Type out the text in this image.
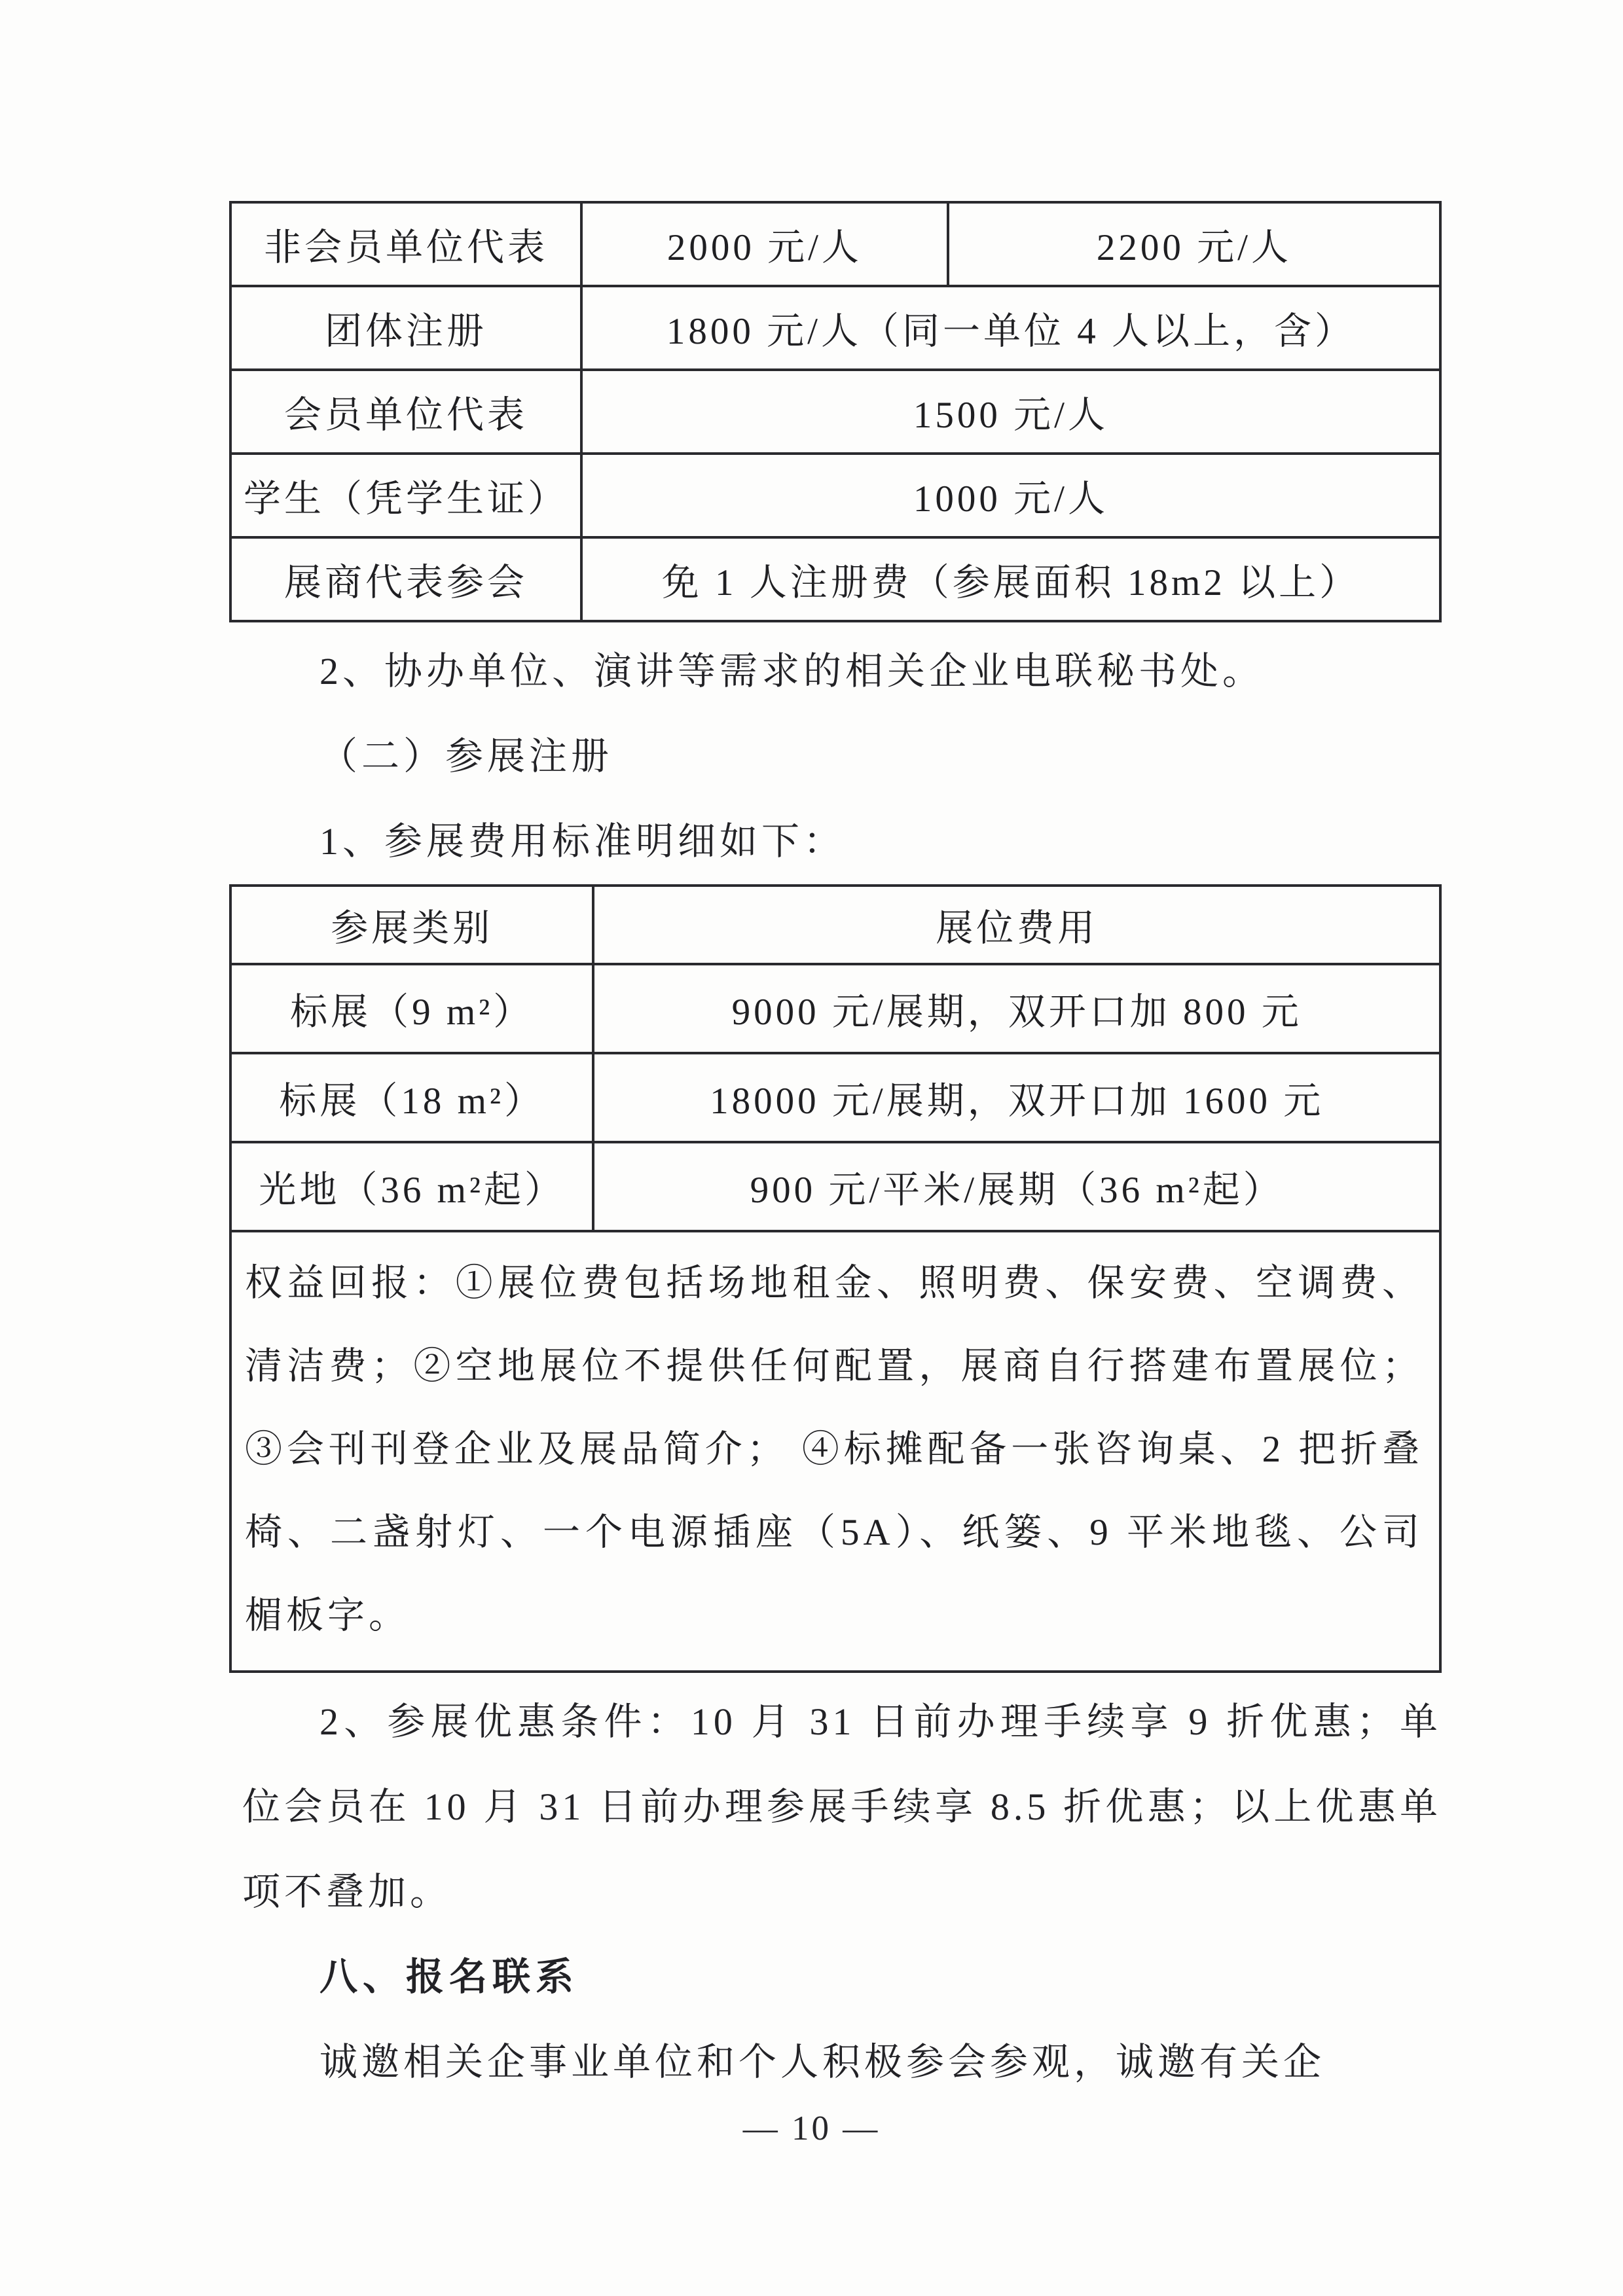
非会员单位代表	2000 元/人	2200 元/人
团体注册	1800 元/人（同一单位 4 人以上，含）	
会员单位代表	1500 元/人	
学生（凭学生证）	1000 元/人	
展商代表参会	免 1 人注册费（参展面积 18m2 以上）	

2、协办单位、演讲等需求的相关企业电联秘书处。

（二）参展注册

1、参展费用标准明细如下：

参展类别	展位费用
标展（9 m²）	9000 元/展期，双开口加 800 元
标展（18 m²）	18000 元/展期，双开口加 1600 元
光地（36 m²起）	900 元/平米/展期（36 m²起）
权益回报：①展位费包括场地租金、照明费、保安费、空调费、清洁费；②空地展位不提供任何配置，展商自行搭建布置展位；③会刊刊登企业及展品简介； ④标摊配备一张咨询桌、2 把折叠椅、二盏射灯、一个电源插座（5A）、纸篓、9 平米地毯、公司楣板字。	

2、参展优惠条件：10 月 31 日前办理手续享 9 折优惠；单位会员在 10 月 31 日前办理参展手续享 8.5 折优惠；以上优惠单项不叠加。

八、报名联系

诚邀相关企事业单位和个人积极参会参观，诚邀有关企

— 10 —
